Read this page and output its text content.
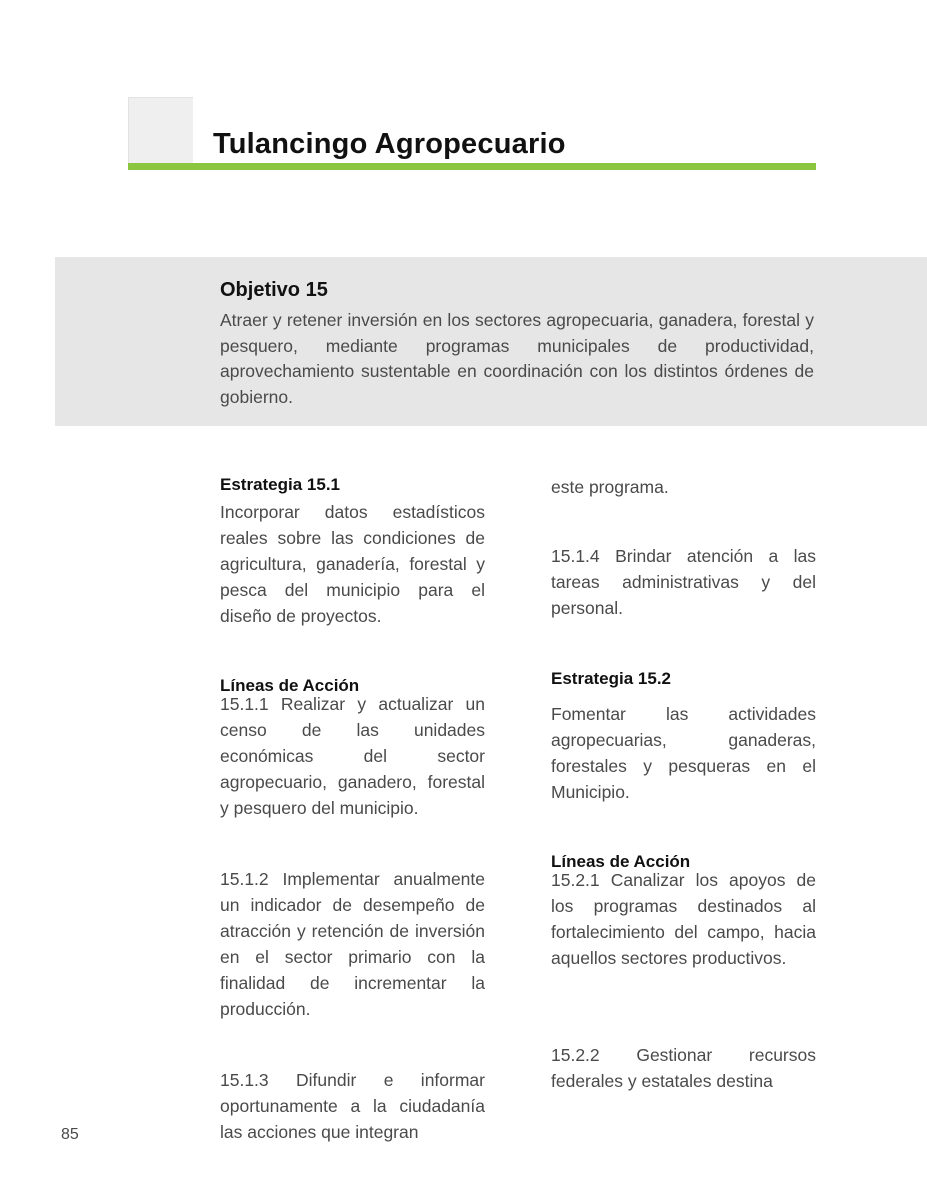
Tulancingo Agropecuario
Objetivo 15

Atraer y retener inversión en los sectores agropecuaria, ganadera, forestal y pesquero, mediante programas municipales de productividad, aprovechamiento sustentable en coordinación con los distintos órdenes de gobierno.

Estrategia 15.1

Incorporar datos estadísticos reales sobre las condiciones de agricultura, ganadería, forestal y pesca del municipio para el diseño de proyectos.

Líneas de Acción

15.1.1 Realizar y actualizar un censo de las unidades económicas del sector agropecuario, ganadero, forestal y pesquero del municipio.

15.1.2 Implementar anualmente un indicador de desempeño de atracción y retención de inversión en el sector primario con la finalidad de incrementar la producción.

15.1.3 Difundir e informar oportunamente a la ciudadanía las acciones que integran

este programa.

15.1.4 Brindar atención a las tareas administrativas y del personal.

Estrategia 15.2

Fomentar las actividades agropecuarias, ganaderas, forestales y pesqueras en el Municipio.

Líneas de Acción

15.2.1 Canalizar los apoyos de los programas destinados al fortalecimiento del campo, hacia aquellos sectores productivos.

15.2.2 Gestionar recursos federales y estatales destina

85
